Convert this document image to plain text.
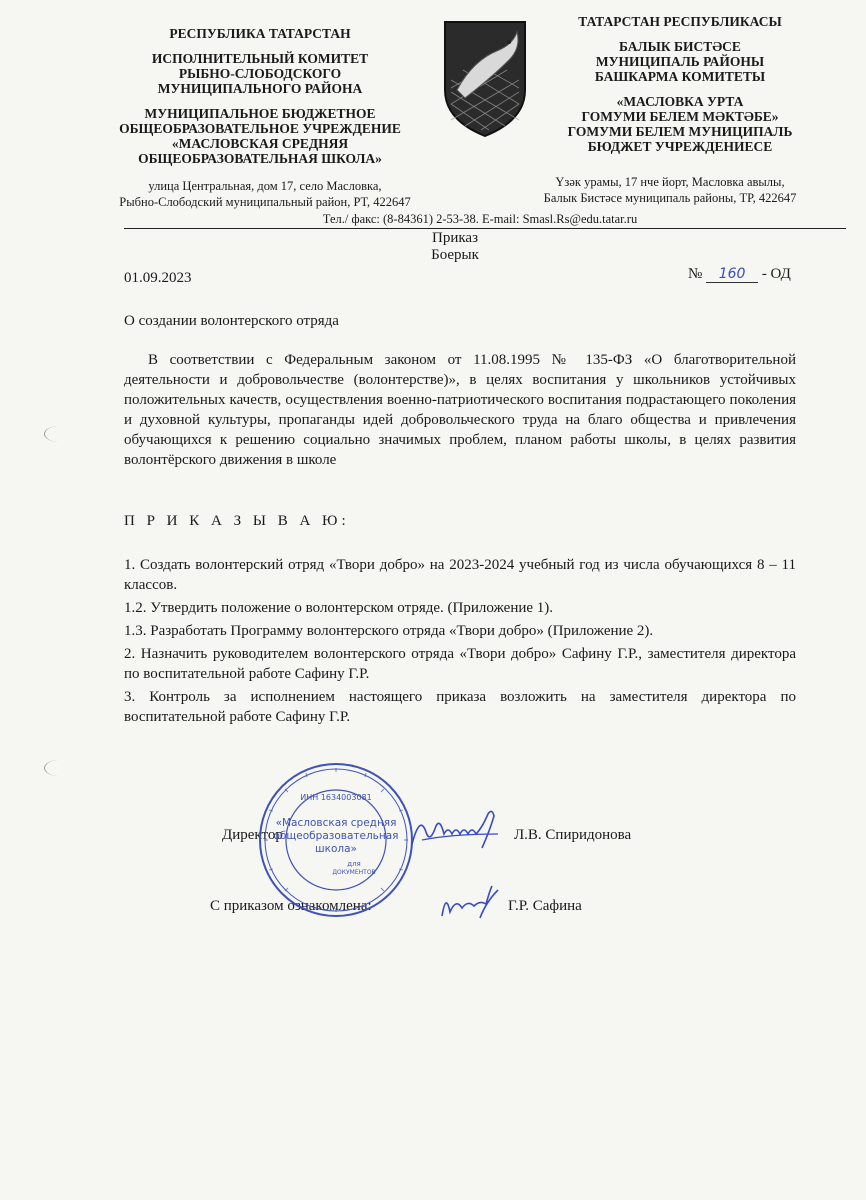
РЕСПУБЛИКА ТАТАРСТАН
ИСПОЛНИТЕЛЬНЫЙ КОМИТЕТ
РЫБНО-СЛОБОДСКОГО
МУНИЦИПАЛЬНОГО РАЙОНА
МУНИЦИПАЛЬНОЕ БЮДЖЕТНОЕ
ОБЩЕОБРАЗОВАТЕЛЬНОЕ УЧРЕЖДЕНИЕ
«МАСЛОВСКАЯ СРЕДНЯЯ
ОБЩЕОБРАЗОВАТЕЛЬНАЯ ШКОЛА»
ТАТАРСТАН РЕСПУБЛИКАСЫ
БАЛЫК БИСТӘСЕ
МУНИЦИПАЛЬ РАЙОНЫ
БАШКАРМА КОМИТЕТЫ
«МАСЛОВКА УРТА
ГОМУМИ БЕЛЕМ МӘКТӘБЕ»
ГОМУМИ БЕЛЕМ МУНИЦИПАЛЬ
БЮДЖЕТ УЧРЕЖДЕНИЕСЕ
улица Центральная, дом 17, село Масловка,
Рыбно-Слободский муниципальный район, РТ, 422647
Үзәк урамы, 17 нче йорт, Масловка авылы,
Балык Бистәсе муниципаль районы, ТР, 422647
Тел./ факс: (8-84361) 2-53-38. E-mail: Smasl.Rs@edu.tatar.ru
Приказ
Боерык
01.09.2023	№ 160 - ОД
О создании волонтерского отряда
В соответствии с Федеральным законом от 11.08.1995 № 135-ФЗ «О благотворительной деятельности и добровольчестве (волонтерстве)», в целях воспитания у школьников устойчивых положительных качеств, осуществления военно-патриотического воспитания подрастающего поколения и духовной культуры, пропаганды идей добровольческого труда на благо общества и привлечения обучающихся к решению социально значимых проблем, планом работы школы, в целях развития волонтёрского движения в школе
П Р И К А З Ы В А Ю:

1. Создать волонтерский отряд «Твори добро» на 2023-2024 учебный год из числа обучающихся 8 – 11 классов.

1.2. Утвердить положение о волонтерском отряде. (Приложение 1).

1.3. Разработать Программу волонтерского отряда «Твори добро» (Приложение 2).

2. Назначить руководителем волонтерского отряда «Твори добро» Сафину Г.Р., заместителя директора по воспитательной работе Сафину Г.Р.

3. Контроль за исполнением настоящего приказа возложить на заместителя директора по воспитательной работе Сафину Г.Р.

Директор	Л.В. Спиридонова
С приказом ознакомлена:	Г.Р. Сафина
ИНН 1634003081
«Масловская средняя
общеобразовательная
школа»
для
ДОКУМЕНТОВ
